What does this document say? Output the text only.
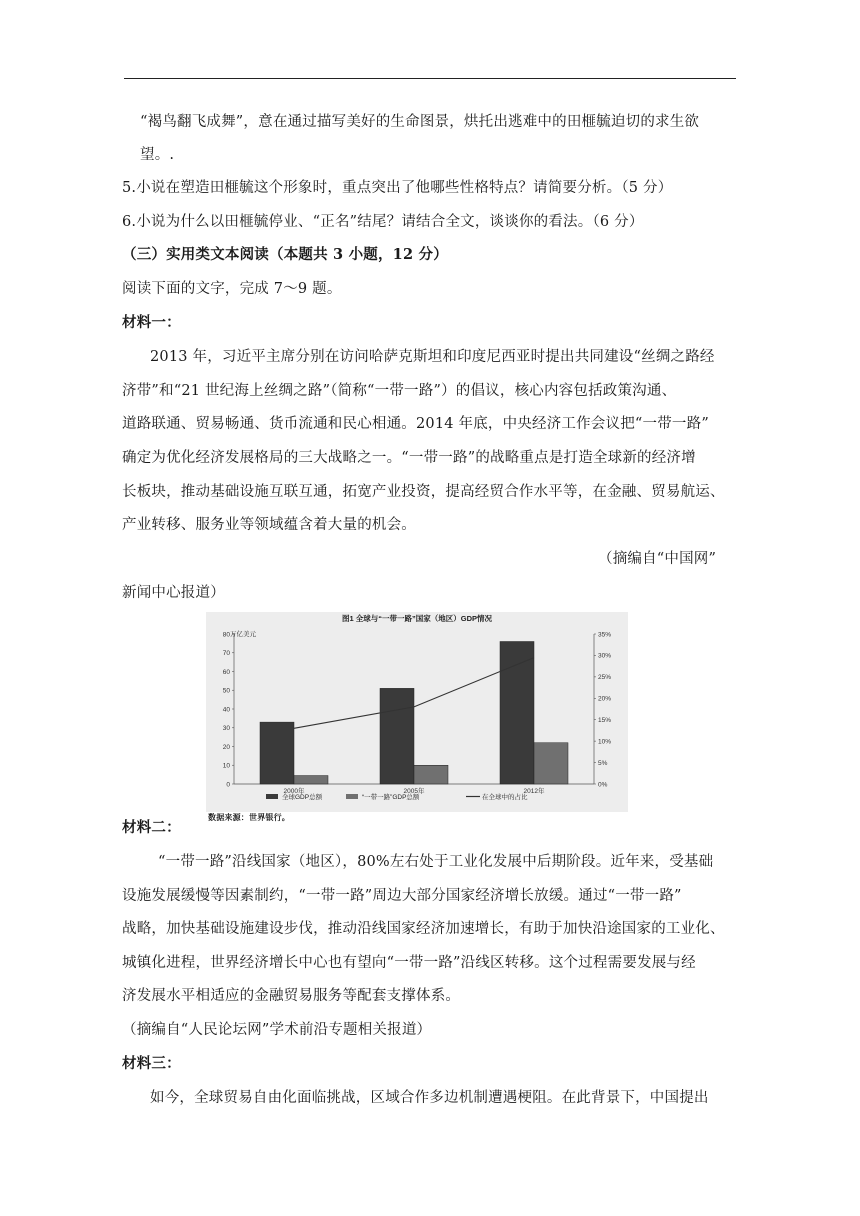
“褐鸟翻飞成舞”，意在通过描写美好的生命图景，烘托出逃难中的田榧毓迫切的求生欲
望。.
5.小说在塑造田榧毓这个形象时，重点突出了他哪些性格特点？请简要分析。（5 分）
6.小说为什么以田榧毓停业、“正名”结尾？请结合全文，谈谈你的看法。（6 分）
（三）实用类文本阅读（本题共 3 小题，12 分）
阅读下面的文字，完成 7～9 题。
材料一：
2013 年，习近平主席分别在访问哈萨克斯坦和印度尼西亚时提出共同建设“丝绸之路经
济带”和“21 世纪海上丝绸之路”（简称“一带一路”）的倡议，核心内容包括政策沟通、
道路联通、贸易畅通、货币流通和民心相通。2014 年底，中央经济工作会议把“一带一路”
确定为优化经济发展格局的三大战略之一。“一带一路”的战略重点是打造全球新的经济增
长板块，推动基础设施互联互通，拓宽产业投资，提高经贸合作水平等，在金融、贸易航运、
产业转移、服务业等领域蕴含着大量的机会。
（摘编自“中国网”
新闻中心报道）
图1 全球与“一带一路”国家（地区）GDP情况
万亿美元
0
10
20
30
40
50
60
70
80
0%
5%
10%
15%
20%
25%
30%
35%
2000年	2005年	2012年
全球GDP总额	“一带一路”GDP总额	在全球中的占比
数据来源：世界银行。
材料二：
“一带一路”沿线国家（地区），80%左右处于工业化发展中后期阶段。近年来，受基础
设施发展缓慢等因素制约，“一带一路”周边大部分国家经济增长放缓。通过“一带一路”
战略，加快基础设施建设步伐，推动沿线国家经济加速增长，有助于加快沿途国家的工业化、
城镇化进程，世界经济增长中心也有望向“一带一路”沿线区转移。这个过程需要发展与经
济发展水平相适应的金融贸易服务等配套支撑体系。
（摘编自“人民论坛网”学术前沿专题相关报道）
材料三：
如今，全球贸易自由化面临挑战，区域合作多边机制遭遇梗阻。在此背景下，中国提出
